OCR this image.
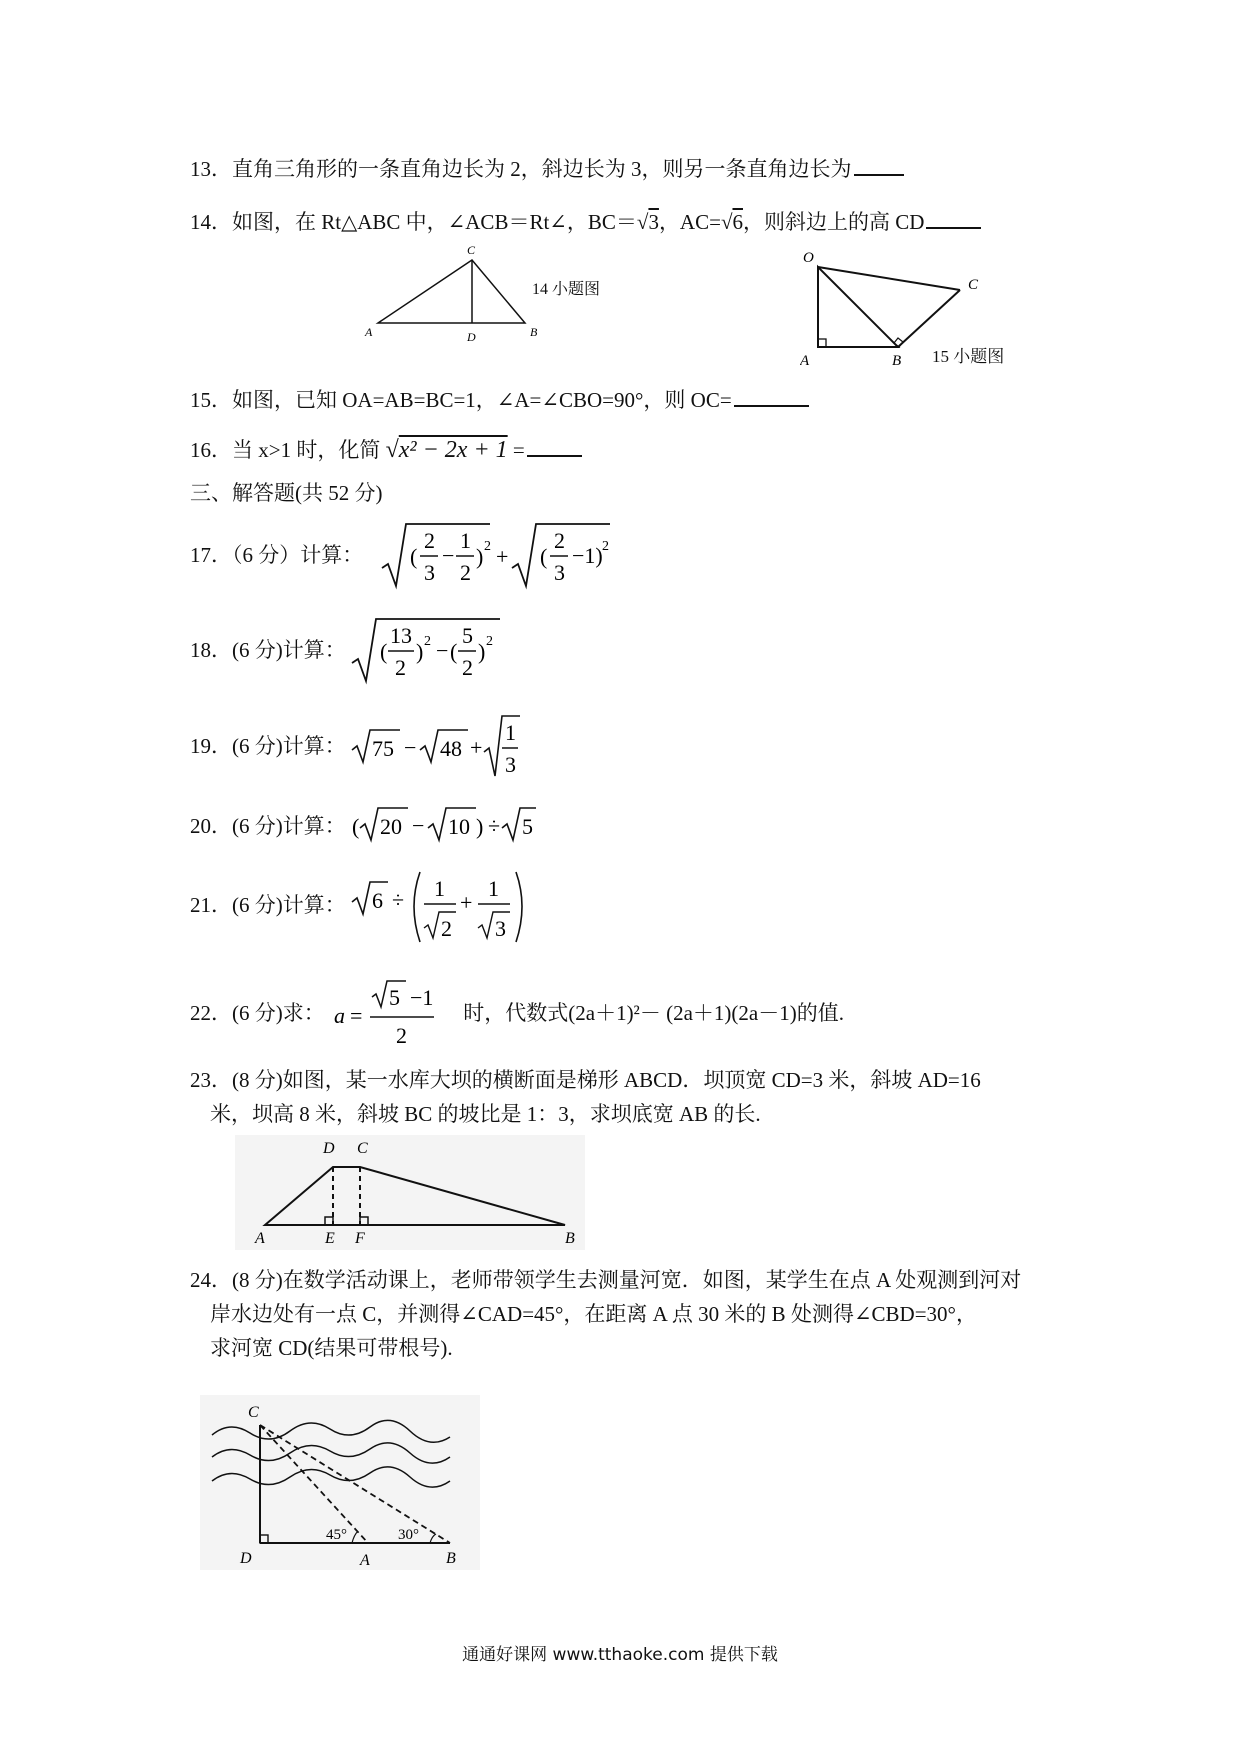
13．直角三角形的一条直角边长为 2，斜边长为 3，则另一条直角边长为
14．如图，在 Rt△ABC 中，∠ACB＝Rt∠，BC＝√3，AC=√6，则斜边上的高 CD
A	B
C
D
14 小题图
O
A	B
C
15 小题图
15．如图，已知 OA=AB=BC=1，∠A=∠CBO=90°，则 OC=
16．当 x>1 时，化简 √x² − 2x + 1 =
三、解答题(共 52 分)
17．（6 分）计算： (
2
3
−
1
2
) 2 + (
2
3
−1) 2
18．(6 分)计算： (
13
2
) 2 − (
5
2
) 2
19．(6 分)计算： 75 − 48 +
1
3
20．(6 分)计算： ( 20 − 10 ) ÷ 5
21．(6 分)计算： 6 ÷ 1
2
+
1
3
22．(6 分)求：	时，代数式(2a＋1)²－ (2a＋1)(2a－1)的值.
a =
5 −1
2
23．(8 分)如图，某一水库大坝的横断面是梯形 ABCD．坝顶宽 CD=3 米，斜坡 AD=16
米，坝高 8 米，斜坡 BC 的坡比是 1：3，求坝底宽 AB 的长.
D C
A	E F	B
24．(8 分)在数学活动课上，老师带领学生去测量河宽．如图，某学生在点 A 处观测到河对
岸水边处有一点 C，并测得∠CAD=45°，在距离 A 点 30 米的 B 处测得∠CBD=30°，
求河宽 CD(结果可带根号).
45°	30°
C
D	A	B
通通好课网 www.tthaoke.com 提供下载
